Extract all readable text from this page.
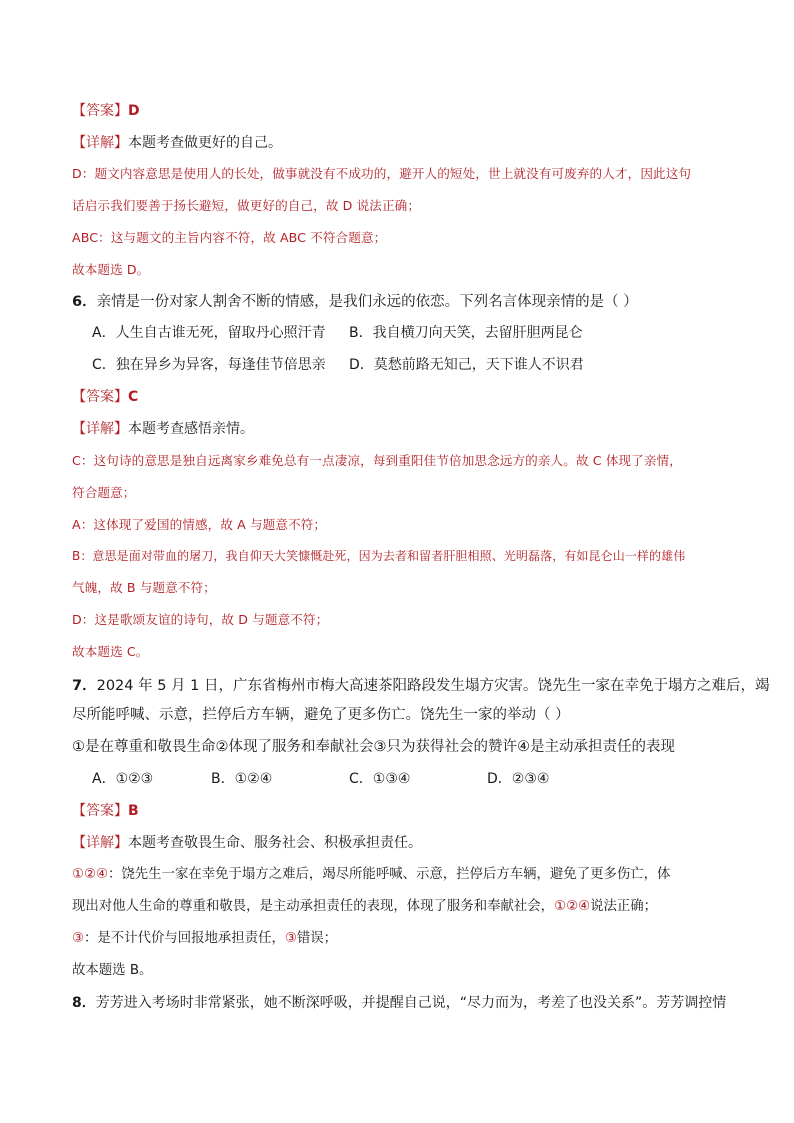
【答案】D
【详解】本题考查做更好的自己。
D：题文内容意思是使用人的长处，做事就没有不成功的，避开人的短处，世上就没有可废弃的人才，因此这句
话启示我们要善于扬长避短，做更好的自己，故 D 说法正确；
ABC：这与题文的主旨内容不符，故 ABC 不符合题意；
故本题选 D。
6．亲情是一份对家人割舍不断的情感，是我们永远的依恋。下列名言体现亲情的是（ ）
A．人生自古谁无死，留取丹心照汗青 B．我自横刀向天笑，去留肝胆两昆仑
C．独在异乡为异客，每逢佳节倍思亲 D．莫愁前路无知己，天下谁人不识君
【答案】C
【详解】本题考查感悟亲情。
C：这句诗的意思是独自远离家乡难免总有一点凄凉，每到重阳佳节倍加思念远方的亲人。故 C 体现了亲情，
符合题意；
A：这体现了爱国的情感，故 A 与题意不符；
B：意思是面对带血的屠刀，我自仰天大笑慷慨赴死，因为去者和留者肝胆相照、光明磊落，有如昆仑山一样的雄伟
气魄，故 B 与题意不符；
D：这是歌颂友谊的诗句，故 D 与题意不符；
故本题选 C。
7．2024 年 5 月 1 日，广东省梅州市梅大高速茶阳路段发生塌方灾害。饶先生一家在幸免于塌方之难后，竭
尽所能呼喊、示意，拦停后方车辆，避免了更多伤亡。饶先生一家的举动（ ）
①是在尊重和敬畏生命②体现了服务和奉献社会③只为获得社会的赞许④是主动承担责任的表现
A．①②③	B．①②④	C．①③④	D．②③④
【答案】B
【详解】本题考查敬畏生命、服务社会、积极承担责任。
①②④：饶先生一家在幸免于塌方之难后，竭尽所能呼喊、示意，拦停后方车辆，避免了更多伤亡，体
现出对他人生命的尊重和敬畏，是主动承担责任的表现，体现了服务和奉献社会，①②④说法正确；
③：是不计代价与回报地承担责任，③错误；
故本题选 B。
8．芳芳进入考场时非常紧张，她不断深呼吸，并提醒自己说，“尽力而为，考差了也没关系”。芳芳调控情
